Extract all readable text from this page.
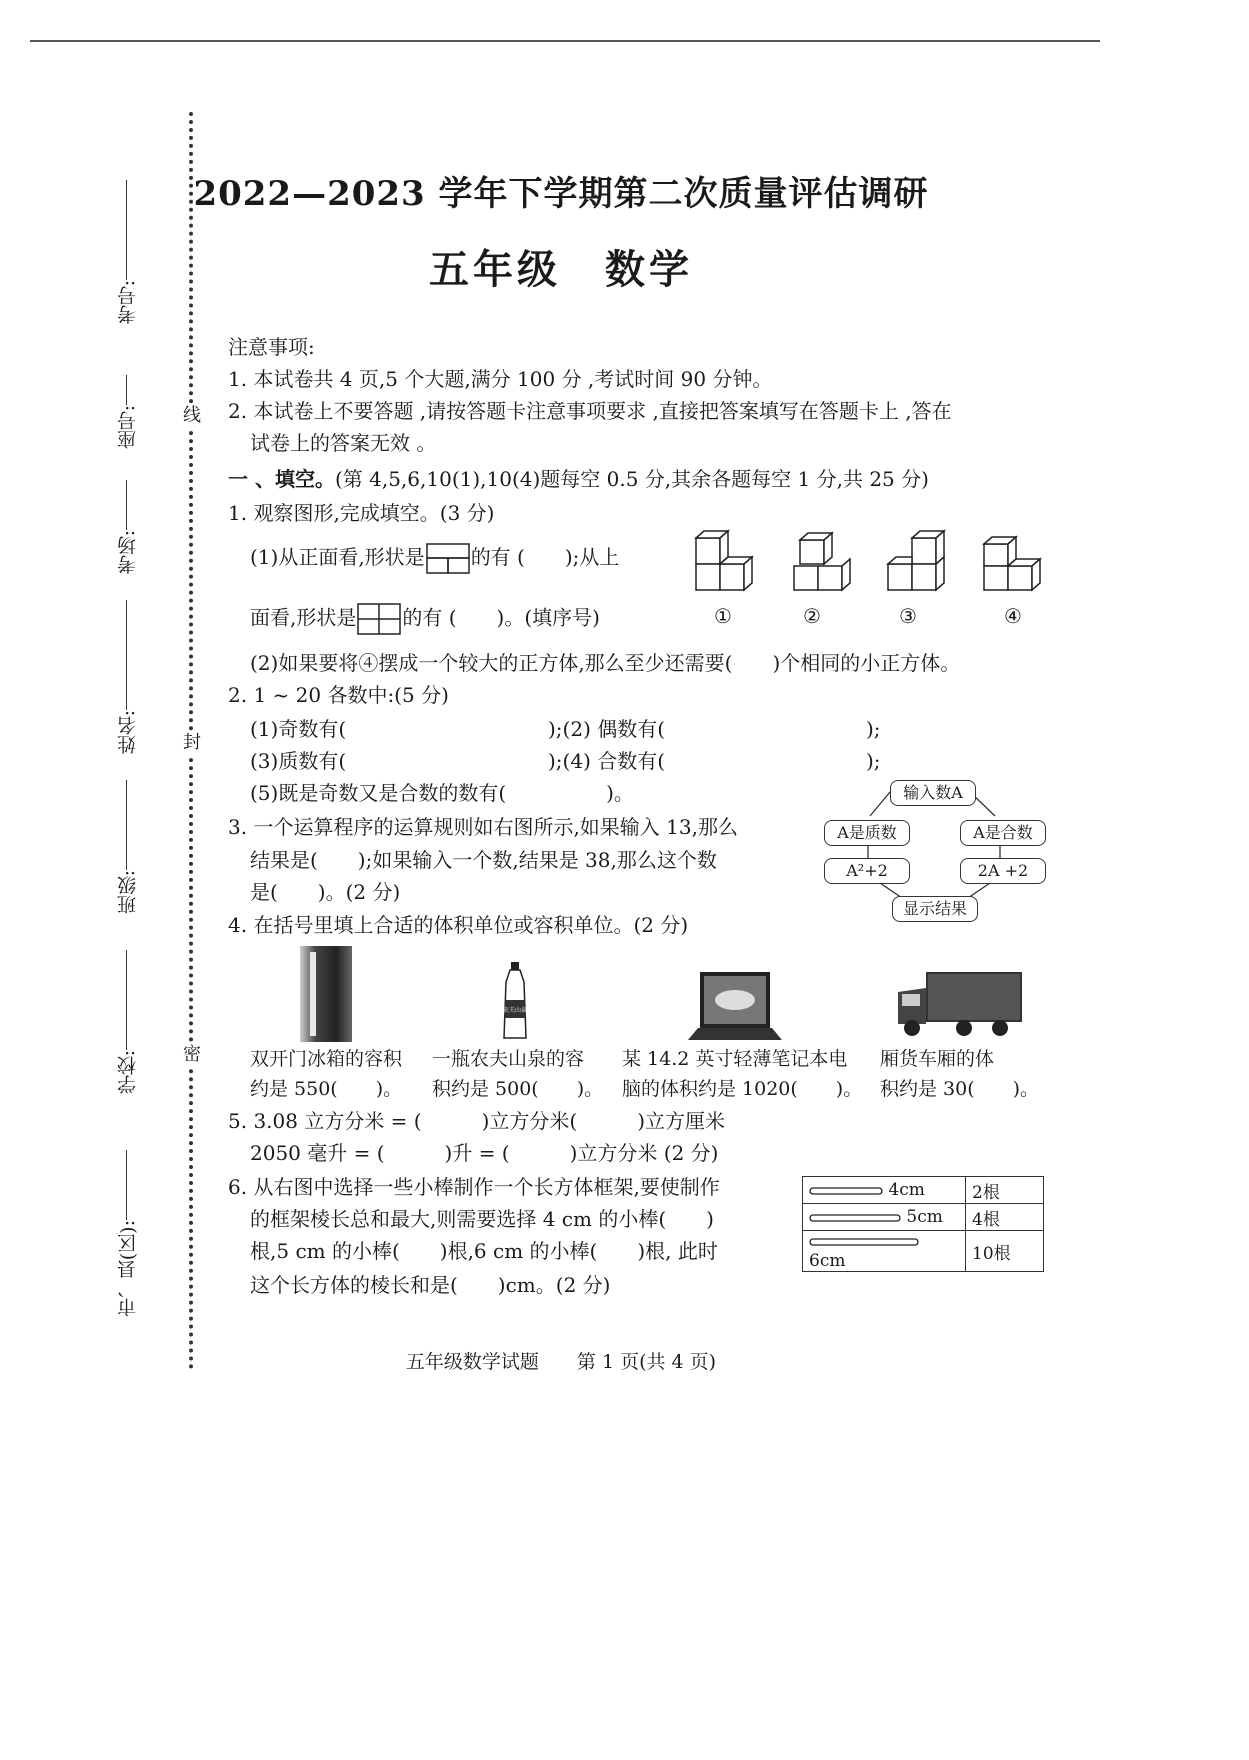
线
封
密
考号:
座号:
考场:
姓名:
班级:
学校:
市、县(区):
2022—2023 学年下学期第二次质量评估调研
五年级　数学
注意事项:
1. 本试卷共 4 页,5 个大题,满分 100 分 ,考试时间 90 分钟。
2. 本试卷上不要答题 ,请按答题卡注意事项要求 ,直接把答案填写在答题卡上 ,答在
试卷上的答案无效 。
一 、填空。(第 4,5,6,10(1),10(4)题每空 0.5 分,其余各题每空 1 分,共 25 分)
1. 观察图形,完成填空。(3 分)
(1)从正面看,形状是 的有 (　　);从上
面看,形状是 的有 (　　)。(填序号)	①	②	③	④
(2)如果要将④摆成一个较大的正方体,那么至少还需要(　　)个相同的小正方体。
2. 1 ~ 20 各数中:(5 分)
(1)奇数有(	);(2) 偶数有(	);
(3)质数有(	);(4) 合数有(	);
(5)既是奇数又是合数的数有(　　　　　)。
3. 一个运算程序的运算规则如右图所示,如果输入 13,那么
结果是(　　);如果输入一个数,结果是 38,那么这个数
是(　　)。(2 分)
输入数A
A是质数	A是合数
A²+2	2A +2
显示结果
4. 在括号里填上合适的体积单位或容积单位。(2 分)
农夫山泉
双开门冰箱的容积
约是 550(　　)。
一瓶农夫山泉的容
积约是 500(　　)。
某 14.2 英寸轻薄笔记本电
脑的体积约是 1020(　　)。
厢货车厢的体
积约是 30(　　)。
5. 3.08 立方分米 = (　　　)立方分米(　　　)立方厘米
2050 毫升 = (　　　)升 = (　　　)立方分米 (2 分)
6. 从右图中选择一些小棒制作一个长方体框架,要使制作
的框架棱长总和最大,则需要选择 4 cm 的小棒(　　)
根,5 cm 的小棒(　　)根,6 cm 的小棒(　　)根, 此时
这个长方体的棱长和是(　　)cm。(2 分)
4cm	2根
5cm	4根
6cm	10根
五年级数学试题　　第 1 页(共 4 页)
